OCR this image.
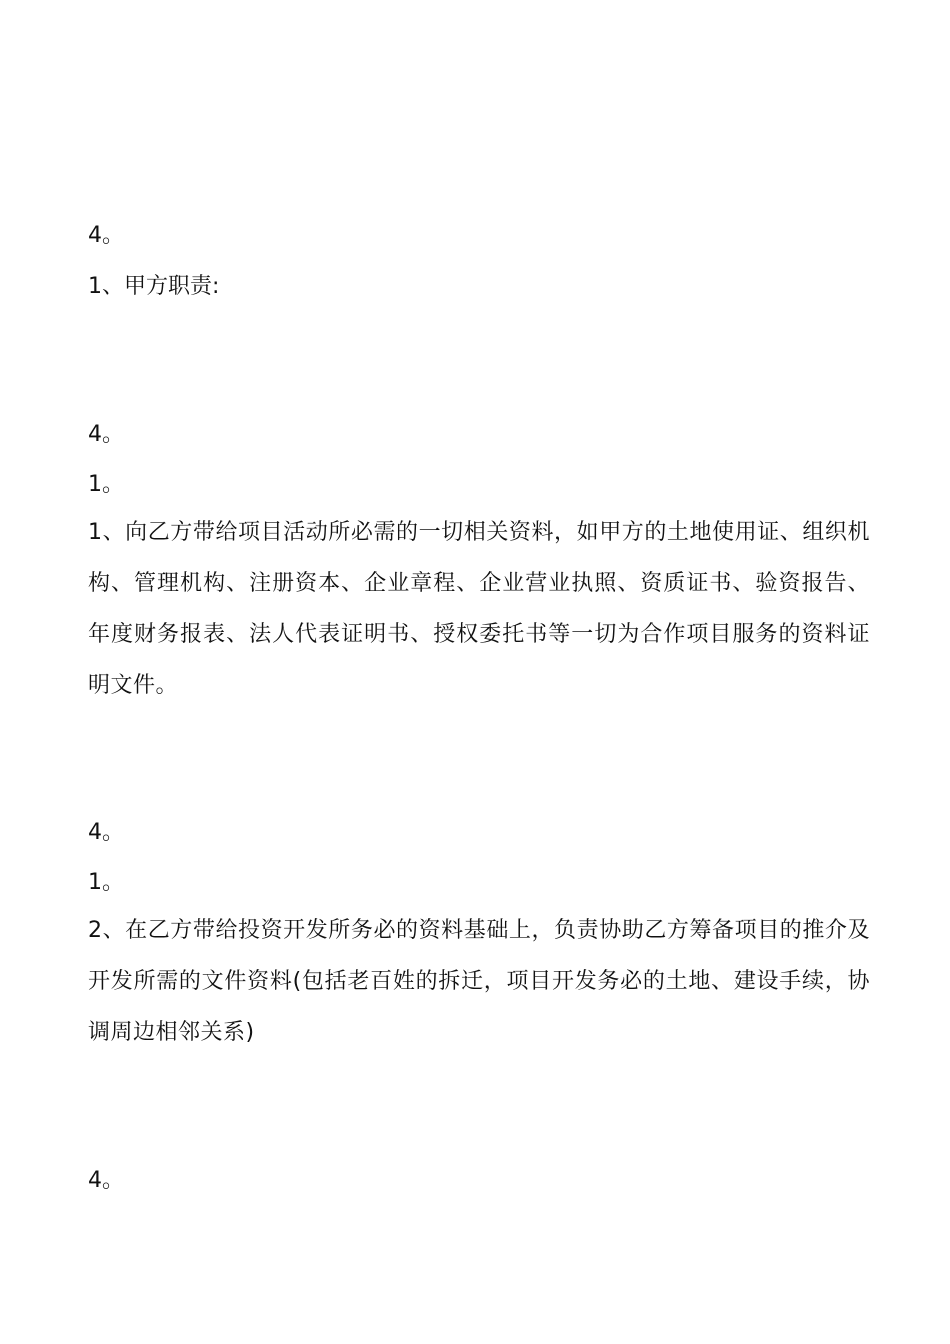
4。

1、甲方职责:

4。

1。

1、向乙方带给项目活动所必需的一切相关资料，如甲方的土地使用证、组织机构、管理机构、注册资本、企业章程、企业营业执照、资质证书、验资报告、年度财务报表、法人代表证明书、授权委托书等一切为合作项目服务的资料证明文件。

4。

1。

2、在乙方带给投资开发所务必的资料基础上，负责协助乙方筹备项目的推介及开发所需的文件资料(包括老百姓的拆迁，项目开发务必的土地、建设手续，协调周边相邻关系)

4。
